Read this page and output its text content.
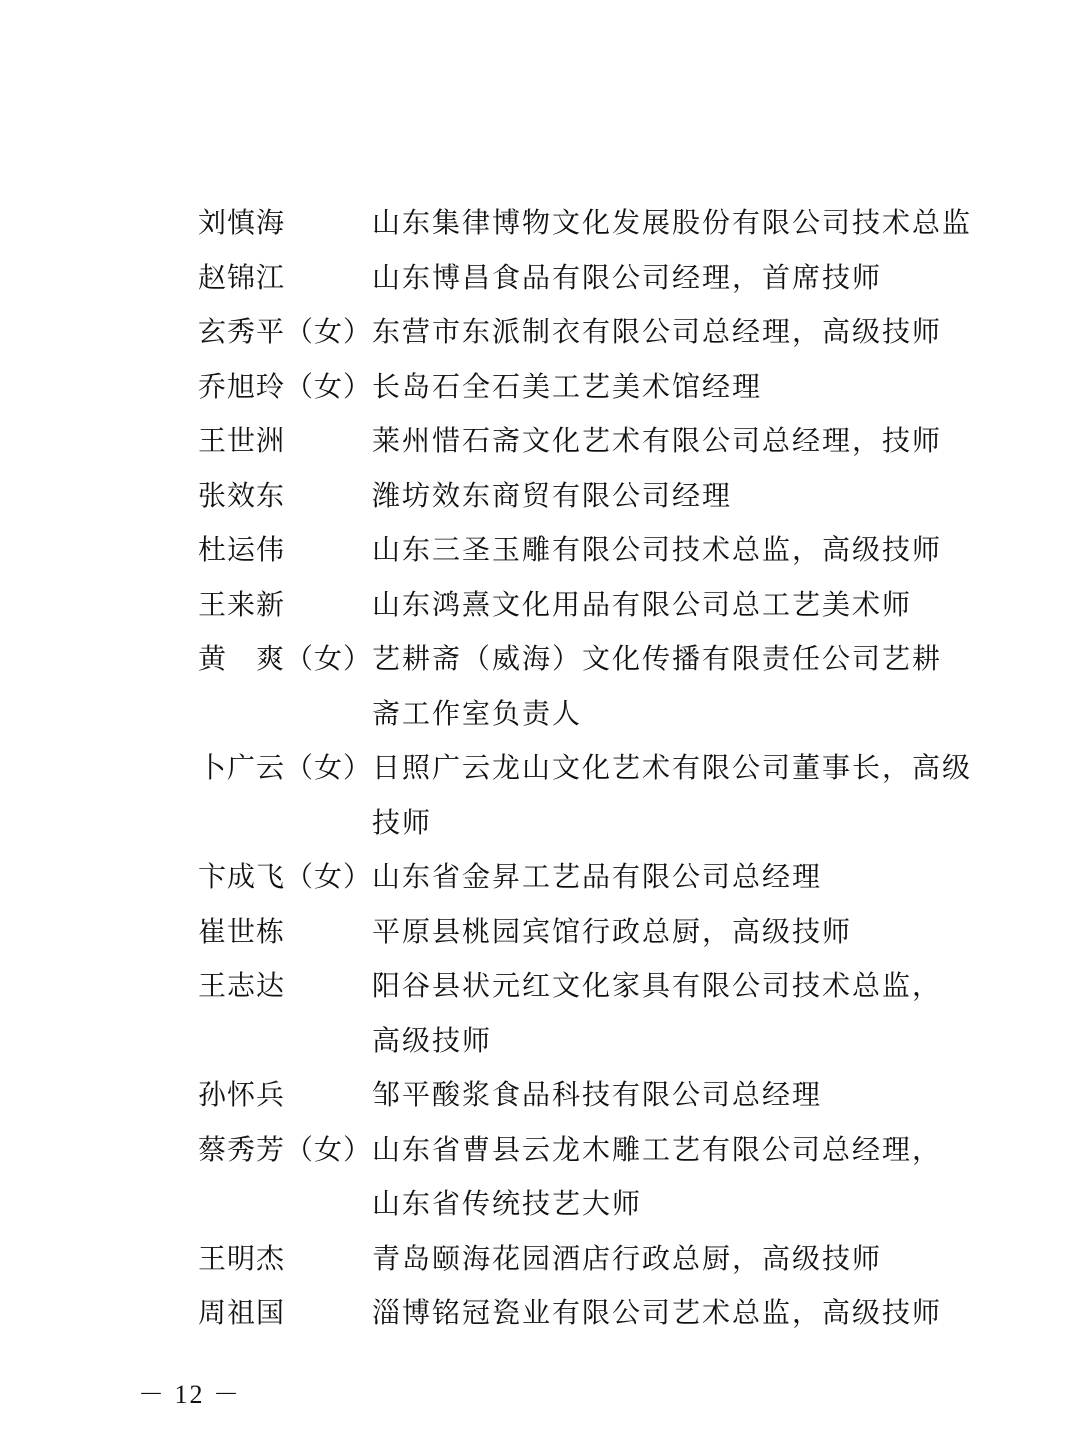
刘慎海	山东集律博物文化发展股份有限公司技术总监
赵锦江	山东博昌食品有限公司经理，首席技师
玄秀平（女） 东营市东派制衣有限公司总经理，高级技师
乔旭玲（女） 长岛石全石美工艺美术馆经理
王世洲	莱州惜石斋文化艺术有限公司总经理，技师
张效东	潍坊效东商贸有限公司经理
杜运伟	山东三圣玉雕有限公司技术总监，高级技师
王来新	山东鸿熹文化用品有限公司总工艺美术师
黄　爽（女） 艺耕斋（威海）文化传播有限责任公司艺耕
斋工作室负责人
卜广云（女） 日照广云龙山文化艺术有限公司董事长，高级
技师
卞成飞（女） 山东省金昇工艺品有限公司总经理
崔世栋	平原县桃园宾馆行政总厨，高级技师
王志达	阳谷县状元红文化家具有限公司技术总监，
高级技师
孙怀兵	邹平酸浆食品科技有限公司总经理
蔡秀芳（女） 山东省曹县云龙木雕工艺有限公司总经理，
山东省传统技艺大师
王明杰	青岛颐海花园酒店行政总厨，高级技师
周祖国	淄博铭冠瓷业有限公司艺术总监，高级技师
－ 12 －
